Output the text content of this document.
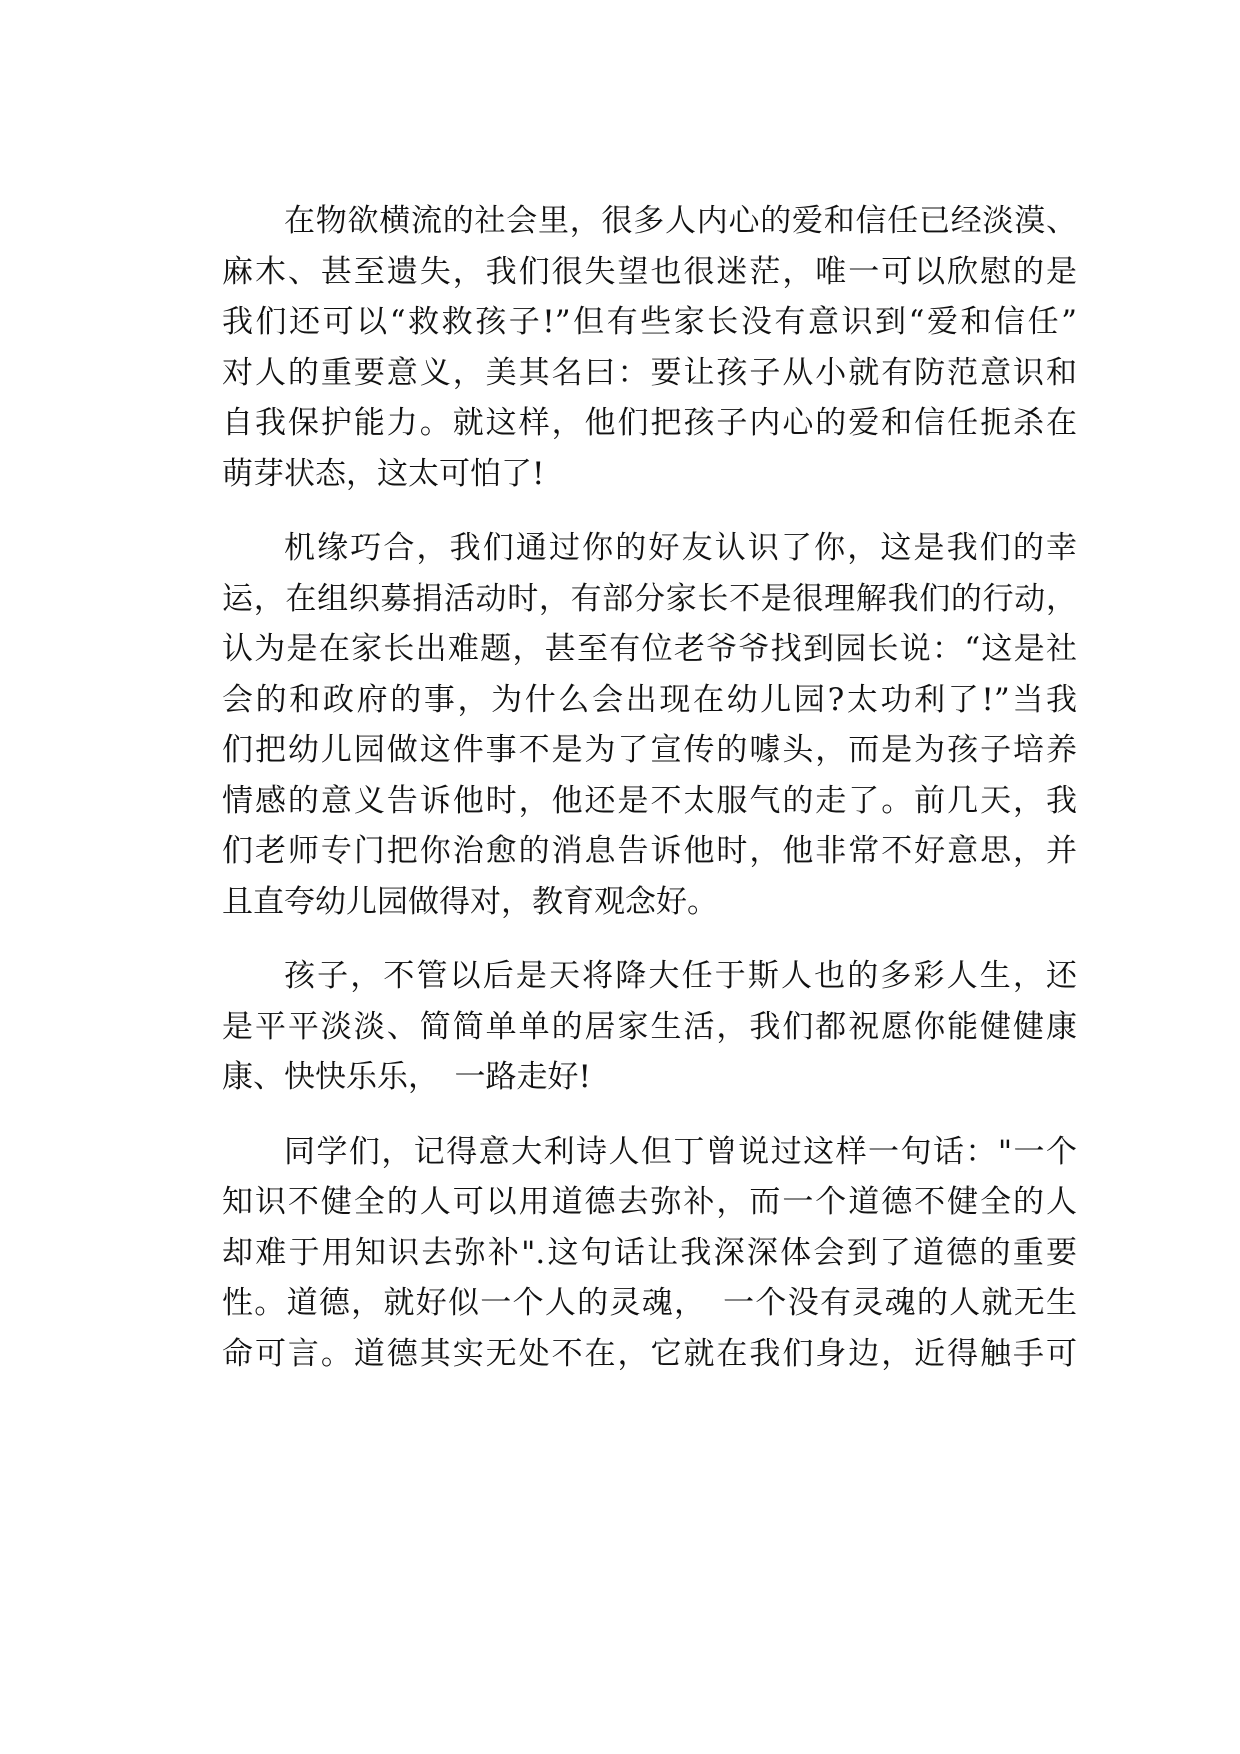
在物欲横流的社会里，很多人内心的爱和信任已经淡漠、
麻木、甚至遗失，我们很失望也很迷茫，唯一可以欣慰的是
我们还可以“救救孩子!”但有些家长没有意识到“爱和信任”
对人的重要意义，美其名曰：要让孩子从小就有防范意识和
自我保护能力。就这样，他们把孩子内心的爱和信任扼杀在
萌芽状态，这太可怕了!
机缘巧合，我们通过你的好友认识了你，这是我们的幸
运，在组织募捐活动时，有部分家长不是很理解我们的行动，
认为是在家长出难题，甚至有位老爷爷找到园长说：“这是社
会的和政府的事，为什么会出现在幼儿园?太功利了!”当我
们把幼儿园做这件事不是为了宣传的噱头，而是为孩子培养
情感的意义告诉他时，他还是不太服气的走了。前几天，我
们老师专门把你治愈的消息告诉他时，他非常不好意思，并
且直夸幼儿园做得对，教育观念好。
孩子，不管以后是天将降大任于斯人也的多彩人生，还
是平平淡淡、简简单单的居家生活，我们都祝愿你能健健康
康、快快乐乐，　一路走好!
同学们，记得意大利诗人但丁曾说过这样一句话："一个
知识不健全的人可以用道德去弥补，而一个道德不健全的人
却难于用知识去弥补".这句话让我深深体会到了道德的重要
性。道德，就好似一个人的灵魂，　一个没有灵魂的人就无生
命可言。道德其实无处不在，它就在我们身边，近得触手可
